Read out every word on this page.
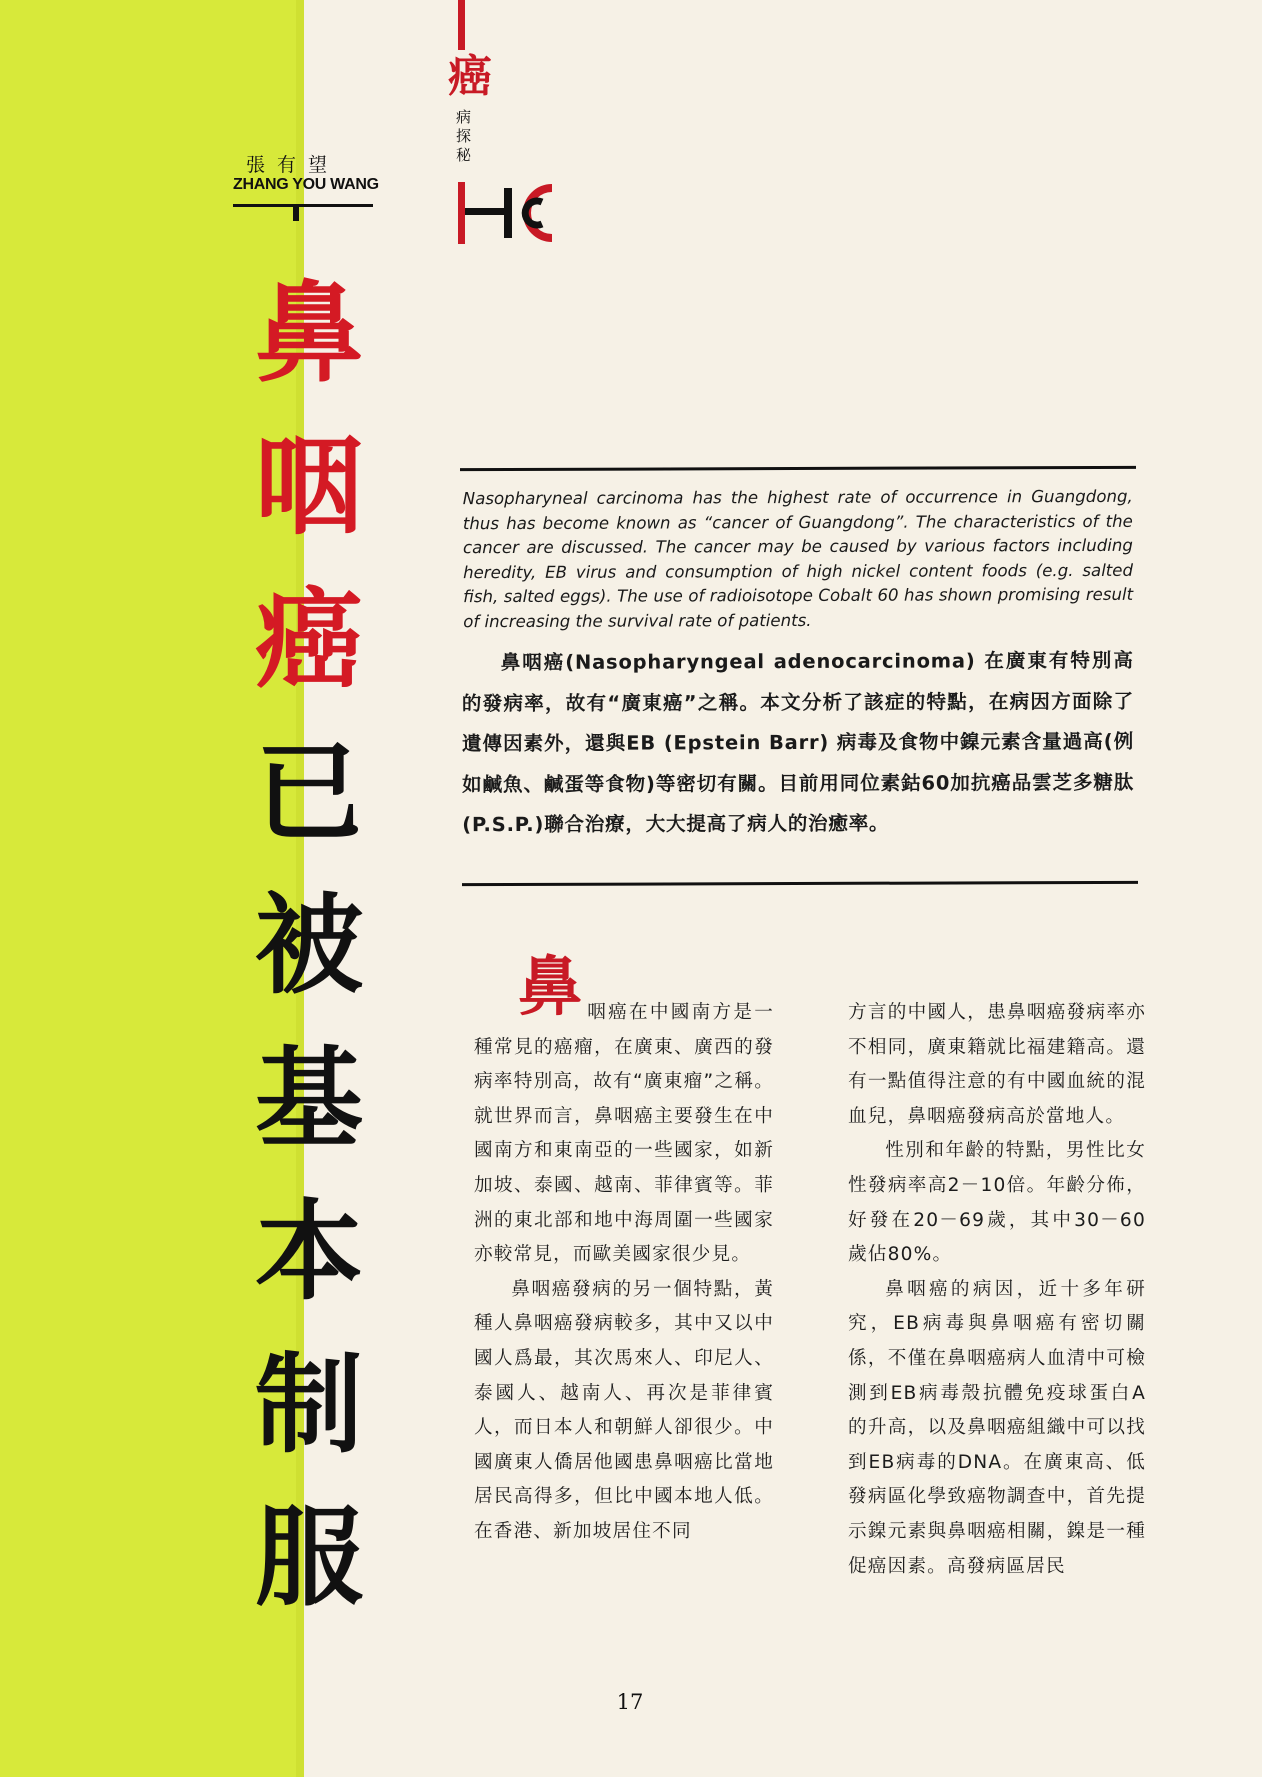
張有望
ZHANG YOU WANG
鼻
咽
癌
已
被
基
本
制
服
癌
病探秘
Nasopharyneal carcinoma has the highest rate of occurrence in Guangdong, thus has become known as “cancer of Guangdong”. The characteristics of the cancer are discussed. The cancer may be caused by various factors including heredity, EB virus and consumption of high nickel content foods (e.g. salted fish, salted eggs). The use of radioisotope Cobalt 60 has shown promising result of increasing the survival rate of patients.
鼻咽癌(Nasopharyngeal adenocarcinoma) 在廣東有特別高的發病率，故有“廣東癌”之稱。本文分析了該症的特點，在病因方面除了遺傳因素外，還與EB (Epstein Barr) 病毒及食物中鎳元素含量過高(例如鹹魚、鹹蛋等食物)等密切有關。目前用同位素鈷60加抗癌品雲芝多糖肽(P.S.P.)聯合治療，大大提高了病人的治癒率。

鼻咽癌在中國南方是一種常見的癌瘤，在廣東、廣西的發病率特別高，故有“廣東瘤”之稱。就世界而言，鼻咽癌主要發生在中國南方和東南亞的一些國家，如新加坡、泰國、越南、菲律賓等。菲洲的東北部和地中海周圍一些國家亦較常見，而歐美國家很少見。

鼻咽癌發病的另一個特點，黃種人鼻咽癌發病較多，其中又以中國人爲最，其次馬來人、印尼人、泰國人、越南人、再次是菲律賓人，而日本人和朝鮮人卻很少。中國廣東人僑居他國患鼻咽癌比當地居民高得多，但比中國本地人低。在香港、新加坡居住不同

方言的中國人，患鼻咽癌發病率亦不相同，廣東籍就比福建籍高。還有一點值得注意的有中國血統的混血兒，鼻咽癌發病高於當地人。

性別和年齡的特點，男性比女性發病率高2－10倍。年齡分佈，好發在20－69歲，其中30－60歲佔80%。

鼻咽癌的病因，近十多年研究，EB病毒與鼻咽癌有密切關係，不僅在鼻咽癌病人血清中可檢測到EB病毒殼抗體免疫球蛋白A的升高，以及鼻咽癌組織中可以找到EB病毒的DNA。在廣東高、低發病區化學致癌物調查中，首先提示鎳元素與鼻咽癌相關，鎳是一種促癌因素。高發病區居民

17
